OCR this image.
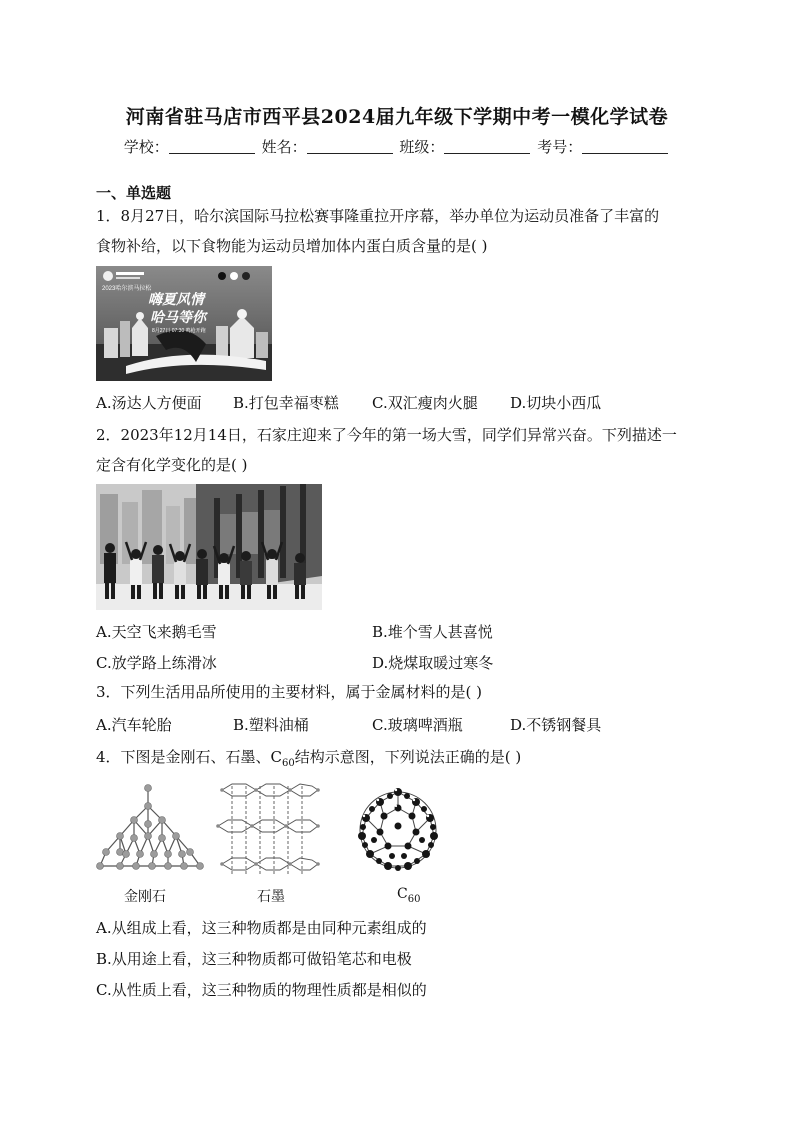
河南省驻马店市西平县2024届九年级下学期中考一模化学试卷
学校：	姓名：	班级：	考号：
一、单选题
1．8月27日，哈尔滨国际马拉松赛事隆重拉开序幕，举办单位为运动员准备了丰富的
食物补给，以下食物能为运动员增加体内蛋白质含量的是( )
2023哈尔滨马拉松
嗨夏风情
哈马等你
8月27日 07:30 鸣枪开跑
A.汤达人方便面 B.打包幸福枣糕 C.双汇瘦肉火腿 D.切块小西瓜
2．2023年12月14日，石家庄迎来了今年的第一场大雪，同学们异常兴奋。下列描述一
定含有化学变化的是( )
A.天空飞来鹅毛雪	B.堆个雪人甚喜悦
C.放学路上练滑冰	D.烧煤取暖过寒冬
3．下列生活用品所使用的主要材料，属于金属材料的是( )
A.汽车轮胎	B.塑料油桶	C.玻璃啤酒瓶	D.不锈钢餐具
4．下图是金刚石、石墨、$C_{60}$结构示意图，下列说法正确的是( )
金刚石	石墨	$C_{60}$
A.从组成上看，这三种物质都是由同种元素组成的
B.从用途上看，这三种物质都可做铅笔芯和电极
C.从性质上看，这三种物质的物理性质都是相似的
